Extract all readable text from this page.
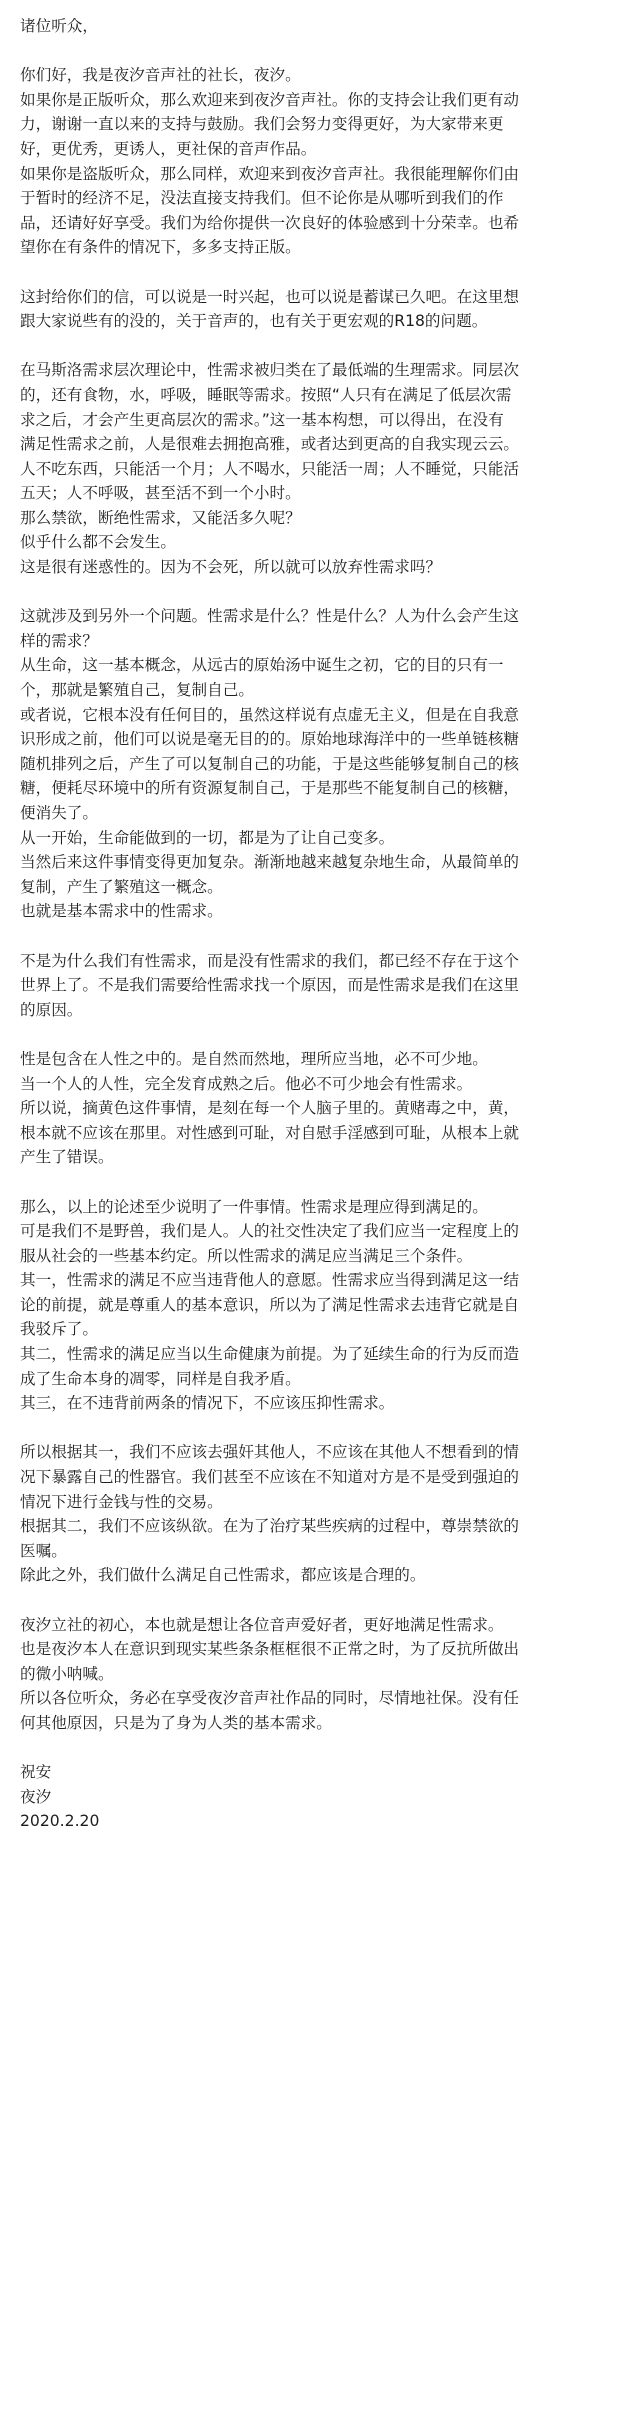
诸位听众，
你们好，我是夜汐音声社的社长，夜汐。
如果你是正版听众，那么欢迎来到夜汐音声社。你的支持会让我们更有动
力，谢谢一直以来的支持与鼓励。我们会努力变得更好，为大家带来更
好，更优秀，更诱人，更社保的音声作品。
如果你是盗版听众，那么同样，欢迎来到夜汐音声社。我很能理解你们由
于暂时的经济不足，没法直接支持我们。但不论你是从哪听到我们的作
品，还请好好享受。我们为给你提供一次良好的体验感到十分荣幸。也希
望你在有条件的情况下，多多支持正版。
这封给你们的信，可以说是一时兴起，也可以说是蓄谋已久吧。在这里想
跟大家说些有的没的，关于音声的，也有关于更宏观的R18的问题。
在马斯洛需求层次理论中，性需求被归类在了最低端的生理需求。同层次
的，还有食物，水，呼吸，睡眠等需求。按照“人只有在满足了低层次需
求之后，才会产生更高层次的需求。”这一基本构想，可以得出，在没有
满足性需求之前，人是很难去拥抱高雅，或者达到更高的自我实现云云。
人不吃东西，只能活一个月；人不喝水，只能活一周；人不睡觉，只能活
五天；人不呼吸，甚至活不到一个小时。
那么禁欲，断绝性需求，又能活多久呢？
似乎什么都不会发生。
这是很有迷惑性的。因为不会死，所以就可以放弃性需求吗？
这就涉及到另外一个问题。性需求是什么？性是什么？人为什么会产生这
样的需求？
从生命，这一基本概念，从远古的原始汤中诞生之初，它的目的只有一
个，那就是繁殖自己，复制自己。
或者说，它根本没有任何目的，虽然这样说有点虚无主义，但是在自我意
识形成之前，他们可以说是毫无目的的。原始地球海洋中的一些单链核糖
随机排列之后，产生了可以复制自己的功能，于是这些能够复制自己的核
糖，便耗尽环境中的所有资源复制自己，于是那些不能复制自己的核糖，
便消失了。
从一开始，生命能做到的一切，都是为了让自己变多。
当然后来这件事情变得更加复杂。渐渐地越来越复杂地生命，从最简单的
复制，产生了繁殖这一概念。
也就是基本需求中的性需求。
不是为什么我们有性需求，而是没有性需求的我们，都已经不存在于这个
世界上了。不是我们需要给性需求找一个原因，而是性需求是我们在这里
的原因。
性是包含在人性之中的。是自然而然地，理所应当地，必不可少地。
当一个人的人性，完全发育成熟之后。他必不可少地会有性需求。
所以说，摘黄色这件事情，是刻在每一个人脑子里的。黄赌毒之中，黄，
根本就不应该在那里。对性感到可耻，对自慰手淫感到可耻，从根本上就
产生了错误。
那么，以上的论述至少说明了一件事情。性需求是理应得到满足的。
可是我们不是野兽，我们是人。人的社交性决定了我们应当一定程度上的
服从社会的一些基本约定。所以性需求的满足应当满足三个条件。
其一，性需求的满足不应当违背他人的意愿。性需求应当得到满足这一结
论的前提，就是尊重人的基本意识，所以为了满足性需求去违背它就是自
我驳斥了。
其二，性需求的满足应当以生命健康为前提。为了延续生命的行为反而造
成了生命本身的凋零，同样是自我矛盾。
其三，在不违背前两条的情况下，不应该压抑性需求。
所以根据其一，我们不应该去强奸其他人，不应该在其他人不想看到的情
况下暴露自己的性器官。我们甚至不应该在不知道对方是不是受到强迫的
情况下进行金钱与性的交易。
根据其二，我们不应该纵欲。在为了治疗某些疾病的过程中，尊崇禁欲的
医嘱。
除此之外，我们做什么满足自己性需求，都应该是合理的。
夜汐立社的初心，本也就是想让各位音声爱好者，更好地满足性需求。
也是夜汐本人在意识到现实某些条条框框很不正常之时，为了反抗所做出
的微小呐喊。
所以各位听众，务必在享受夜汐音声社作品的同时，尽情地社保。没有任
何其他原因，只是为了身为人类的基本需求。
祝安
夜汐
2020.2.20
